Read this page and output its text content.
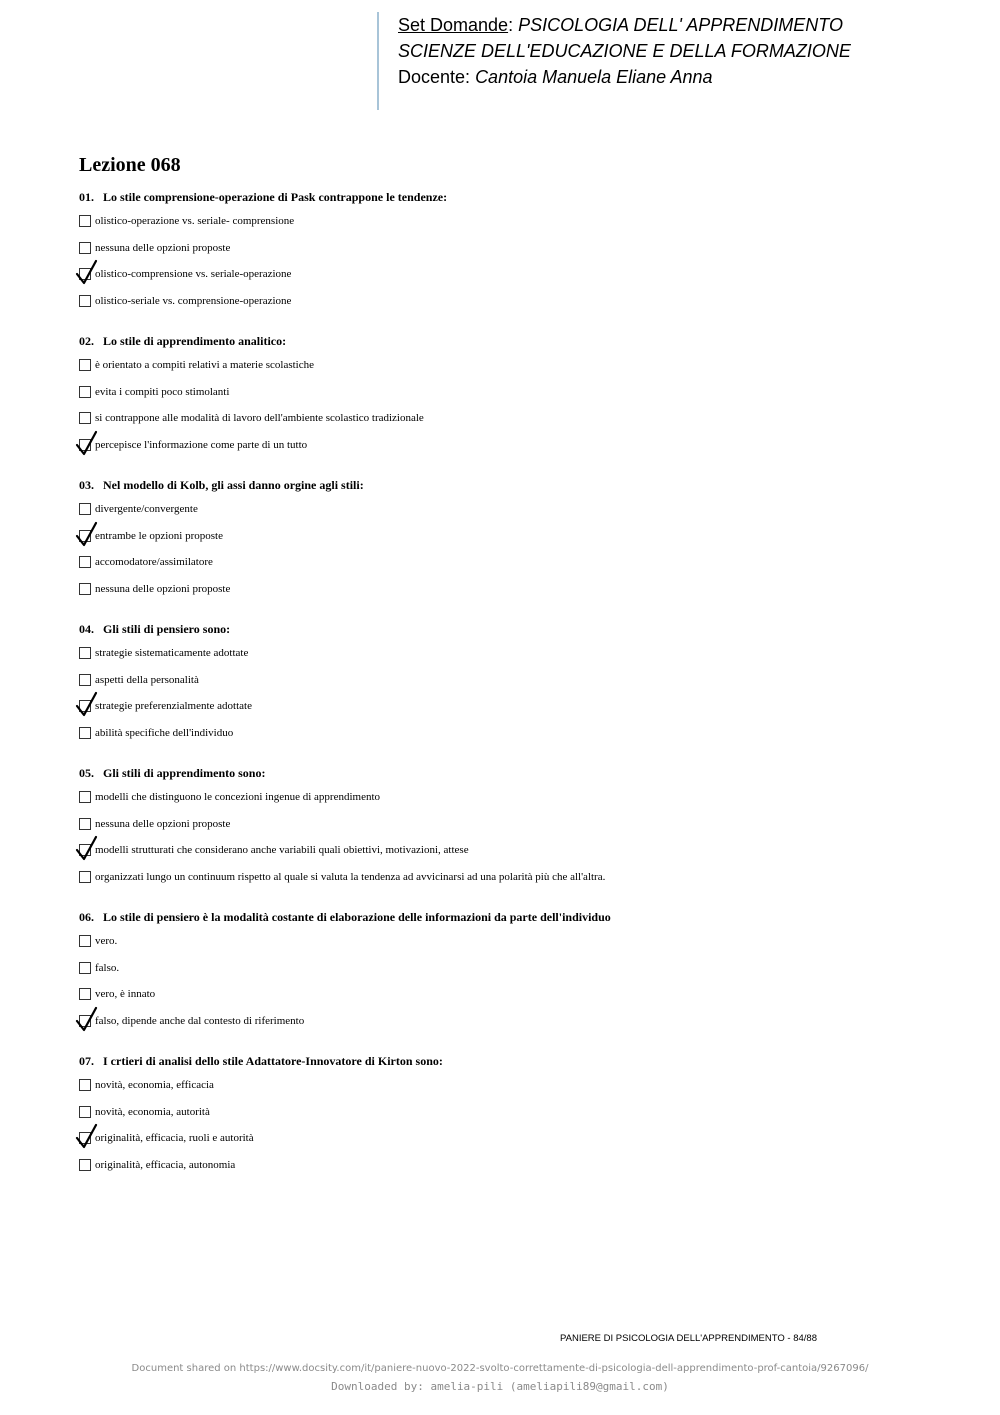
Set Domande: PSICOLOGIA DELL' APPRENDIMENTO
SCIENZE DELL'EDUCAZIONE E DELLA FORMAZIONE
Docente: Cantoia Manuela Eliane Anna
Lezione 068
01. Lo stile comprensione-operazione di Pask contrappone le tendenze:
olistico-operazione vs. seriale- comprensione
nessuna delle opzioni proposte
olistico-comprensione vs. seriale-operazione
olistico-seriale vs. comprensione-operazione
02. Lo stile di apprendimento analitico:
è orientato a compiti relativi a materie scolastiche
evita i compiti poco stimolanti
si contrappone alle modalità di lavoro dell'ambiente scolastico tradizionale
percepisce l'informazione come parte di un tutto
03. Nel modello di Kolb, gli assi danno orgine agli stili:
divergente/convergente
entrambe le opzioni proposte
accomodatore/assimilatore
nessuna delle opzioni proposte
04. Gli stili di pensiero sono:
strategie sistematicamente adottate
aspetti della personalità
strategie preferenzialmente adottate
abilità specifiche dell'individuo
05. Gli stili di apprendimento sono:
modelli che distinguono le concezioni ingenue di apprendimento
nessuna delle opzioni proposte
modelli strutturati che considerano anche variabili quali obiettivi, motivazioni, attese
organizzati lungo un continuum rispetto al quale si valuta la tendenza ad avvicinarsi ad una polarità più che all'altra.
06. Lo stile di pensiero è la modalità costante di elaborazione delle informazioni da parte dell'individuo
vero.
falso.
vero, è innato
falso, dipende anche dal contesto di riferimento
07. I crtieri di analisi dello stile Adattatore-Innovatore di Kirton sono:
novità, economia, efficacia
novità, economia, autorità
originalità, efficacia, ruoli e autorità
originalità, efficacia, autonomia
PANIERE DI PSICOLOGIA DELL'APPRENDIMENTO - 84/88
Document shared on https://www.docsity.com/it/paniere-nuovo-2022-svolto-correttamente-di-psicologia-dell-apprendimento-prof-cantoia/9267096/
Downloaded by: amelia-pili (ameliapili89@gmail.com)
